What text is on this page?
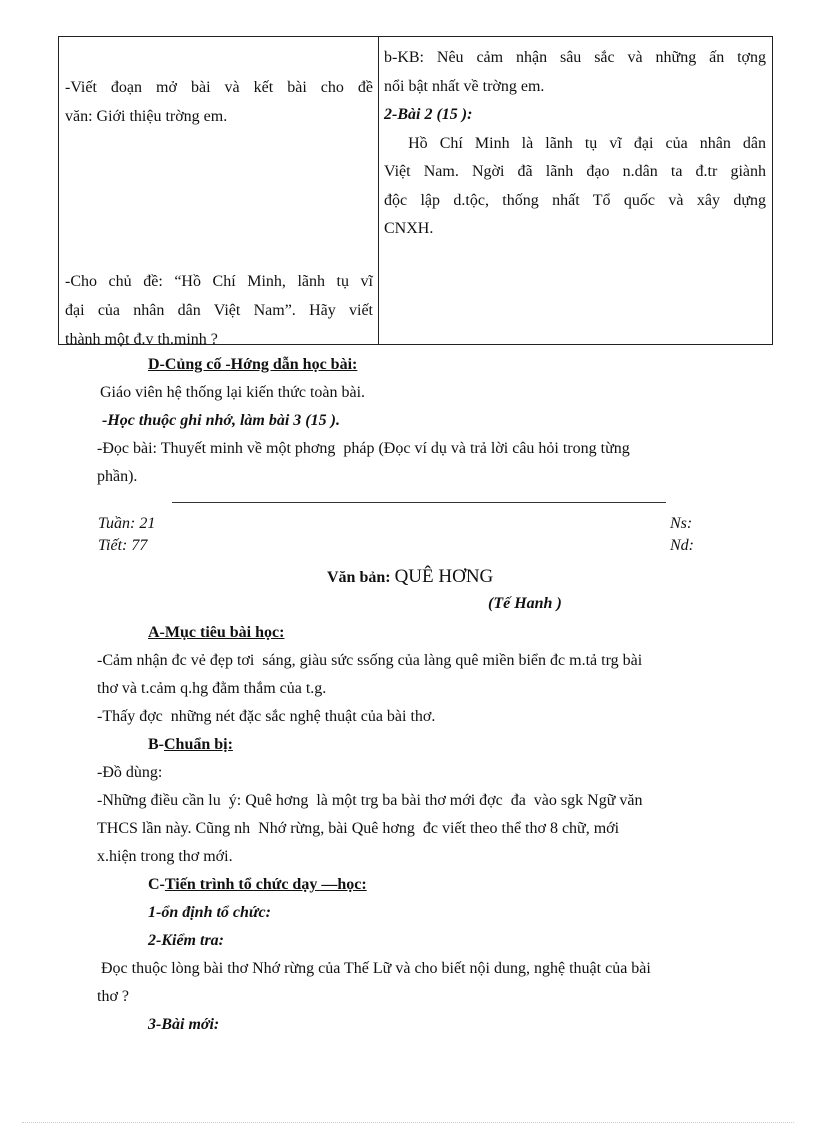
-Viết đoạn mở bài và kết bài cho đề
văn: Giới thiệu trờng em.
-Cho chủ đề: “Hồ Chí Minh, lãnh tụ vĩ
đại của nhân dân Việt Nam”. Hãy viết
thành một đ.v th.minh ?
b-KB: Nêu cảm nhận sâu sắc và những ấn tợng
nổi bật nhất về trờng em.
2-Bài 2 (15 ):
Hồ Chí Minh là lãnh tụ vĩ đại của nhân dân
Việt Nam. Ngời đã lãnh đạo n.dân ta đ.tr giành
độc lập d.tộc, thống nhất Tổ quốc và xây dựng
CNXH.
D-Củng cố -Hớng dẫn học bài:
Giáo viên hệ thống lại kiến thức toàn bài.
-Học thuộc ghi nhớ, làm bài 3 (15 ).
-Đọc bài: Thuyết minh về một phơng  pháp (Đọc ví dụ và trả lời câu hỏi trong từng
phần).
Tuần: 21
Tiết: 77
Ns:
Nd:
Văn bản: QUÊ HƠNG
(Tế Hanh )
A-Mục tiêu bài học:
-Cảm nhận đc vẻ đẹp tơi  sáng, giàu sức ssống của làng quê miền biển đc m.tả trg bài
thơ và t.cảm q.hg đằm thắm của t.g.
-Thấy đợc  những nét đặc sắc nghệ thuật của bài thơ.
B-Chuẩn bị:
-Đồ dùng:
-Những điều cần lu  ý: Quê hơng  là một trg ba bài thơ mới đợc  đa  vào sgk Ngữ văn
THCS lần này. Cũng nh  Nhớ rừng, bài Quê hơng  đc viết theo thể thơ 8 chữ, mới
x.hiện trong thơ mới.
C-Tiến trình tổ chức dạy —học:
1-ổn định tổ chức:
2-Kiểm tra:
Đọc thuộc lòng bài thơ Nhớ rừng của Thế Lữ và cho biết nội dung, nghệ thuật của bài
thơ ?
3-Bài mới:
